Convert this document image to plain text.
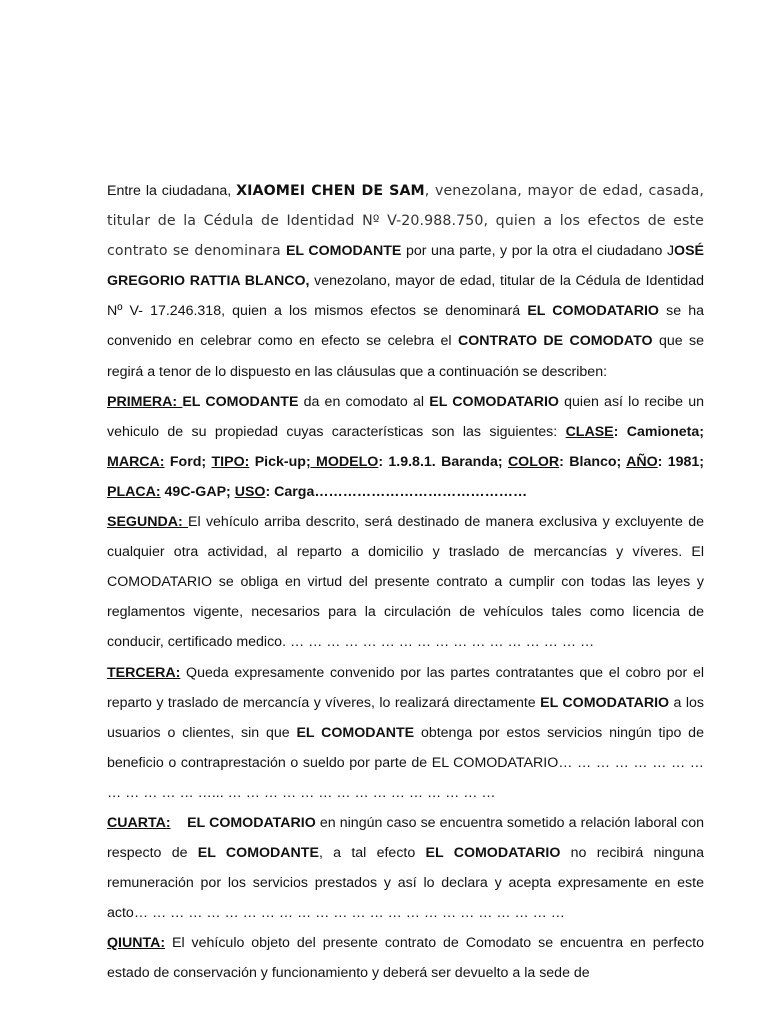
Entre la ciudadana, XIAOMEI CHEN DE SAM, venezolana, mayor de edad, casada, titular de la Cédula de Identidad Nº V-20.988.750, quien a los efectos de este contrato se denominara EL COMODANTE por una parte, y por la otra el ciudadano JOSÉ GREGORIO RATTIA BLANCO, venezolano, mayor de edad, titular de la Cédula de Identidad Nº V- 17.246.318, quien a los mismos efectos se denominará EL COMODATARIO se ha convenido en celebrar como en efecto se celebra el CONTRATO DE COMODATO que se regirá a tenor de lo dispuesto en las cláusulas que a continuación se describen:

PRIMERA: EL COMODANTE da en comodato al EL COMODATARIO quien así lo recibe un vehiculo de su propiedad cuyas características son las siguientes: CLASE: Camioneta; MARCA: Ford; TIPO: Pick-up; MODELO: 1.9.8.1. Baranda; COLOR: Blanco; AÑO: 1981; PLACA: 49C-GAP; USO: Carga………………………………………

SEGUNDA: El vehículo arriba descrito, será destinado de manera exclusiva y excluyente de cualquier otra actividad, al reparto a domicilio y traslado de mercancías y víveres. El COMODATARIO se obliga en virtud del presente contrato a cumplir con todas las leyes y reglamentos vigente, necesarios para la circulación de vehículos tales como licencia de conducir, certificado medico. … … … … … … … … … … … … … … … … …

TERCERA: Queda expresamente convenido por las partes contratantes que el cobro por el reparto y traslado de mercancía y víveres, lo realizará directamente EL COMODATARIO a los usuarios o clientes, sin que EL COMODANTE obtenga por estos servicios ningún tipo de beneficio o contraprestación o sueldo por parte de EL COMODATARIO… … … … … … … … … … … … … …... … … … … … … … … … … … … … … …

CUARTA: EL COMODATARIO en ningún caso se encuentra sometido a relación laboral con respecto de EL COMODANTE, a tal efecto EL COMODATARIO no recibirá ninguna remuneración por los servicios prestados y así lo declara y acepta expresamente en este acto… … … … … … … … … … … … … … … … … … … … … … … …

QIUNTA: El vehículo objeto del presente contrato de Comodato se encuentra en perfecto estado de conservación y funcionamiento y deberá ser devuelto a la sede de
